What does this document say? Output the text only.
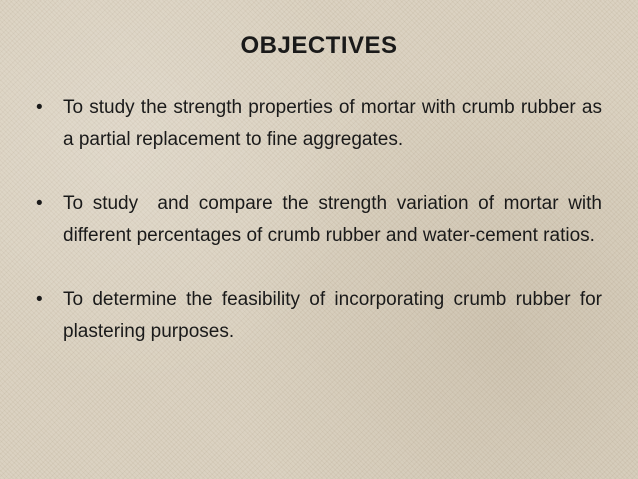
OBJECTIVES
• To study the strength properties of mortar with crumb rubber as a partial replacement to fine aggregates.
• To study  and compare the strength variation of mortar with different percentages of crumb rubber and water-cement ratios.
• To determine the feasibility of incorporating crumb rubber for plastering purposes.
